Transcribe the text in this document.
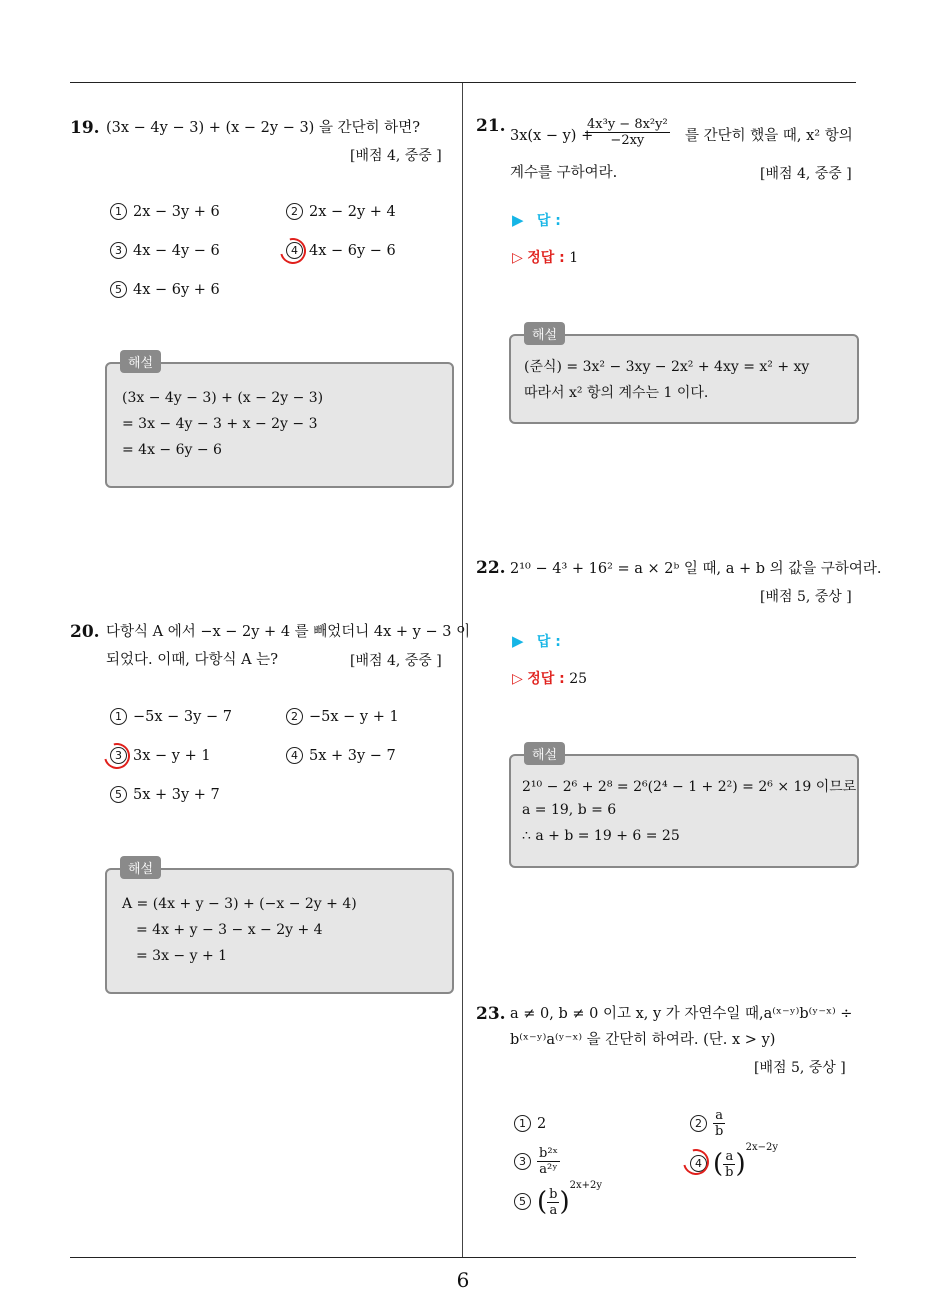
6
19. (3x − 4y − 3) + (x − 2y − 3) 을 간단히 하면?
[배점 4, 중중 ]
1 2x − 3y + 6	2 2x − 2y + 4
3 4x − 4y − 6	4 4x − 6y − 6
5 4x − 6y + 6
해설
(3x − 4y − 3) + (x − 2y − 3)
= 3x − 4y − 3 + x − 2y − 3
= 4x − 6y − 6
20. 다항식 A 에서 −x − 2y + 4 를 빼었더니 4x + y − 3 이
되었다. 이때, 다항식 A 는?	[배점 4, 중중 ]
1 −5x − 3y − 7	2 −5x − y + 1
3 3x − y + 1	4 5x + 3y − 7
5 5x + 3y + 7
해설
A = (4x + y − 3) + (−x − 2y + 4)
= 4x + y − 3 − x − 2y + 4
= 3x − y + 1
21. 3x(x − y) +
$\frac{\text{4x³y − 8x²y²}}{-2xy}$ 를 간단히 했을 때, x² 항의
계수를 구하여라.	[배점 4, 중중 ]
▶ 답 :
▷ 정답 : 1
해설
(준식) = 3x² − 3xy − 2x² + 4xy = x² + xy
따라서 x² 항의 계수는 1 이다.
22. 2¹⁰ − 4³ + 16² = a × 2ᵇ 일 때, a + b 의 값을 구하여라.
[배점 5, 중상 ]
▶ 답 :
▷ 정답 : 25
해설
2¹⁰ − 2⁶ + 2⁸ = 2⁶(2⁴ − 1 + 2²) = 2⁶ × 19 이므로
a = 19, b = 6
∴ a + b = 19 + 6 = 25
23. a ≠ 0, b ≠ 0 이고 x, y 가 자연수일 때,a⁽ˣ⁻ʸ⁾b⁽ʸ⁻ˣ⁾ ÷
b⁽ˣ⁻ʸ⁾a⁽ʸ⁻ˣ⁾ 을 간단히 하여라. (단. x > y)
[배점 5, 중상 ]
1 2	$2 \frac{a}{b}$
$3 \frac{\text{b²ˣ}}{\text{a²ʸ}}$	4 ( $\frac{a}{b} )^{2x-2y}$
5 ( $\frac{b}{a} )^{2x+2y}$
